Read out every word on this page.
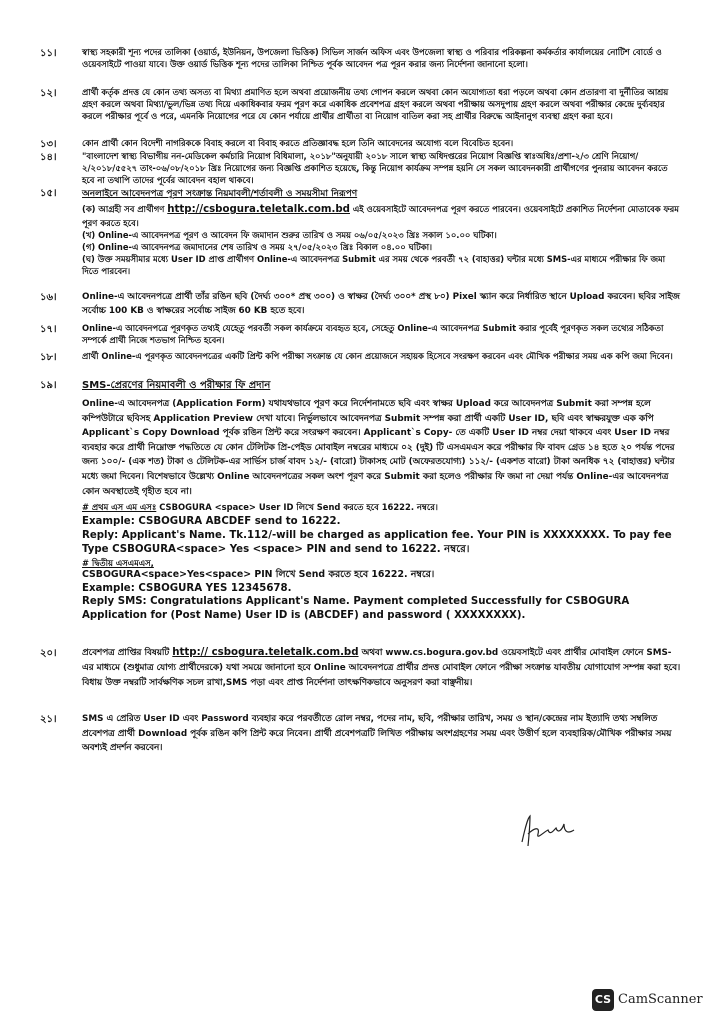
১১।	স্বাস্থ্য সহকারী শূন্য পদের তালিকা (ওয়ার্ড, ইউনিয়ন, উপজেলা ভিত্তিক) সিভিল সার্জন অফিস এবং উপজেলা স্বাস্থ্য ও পরিবার পরিকল্পনা কর্মকর্তার কার্যালয়ের নোটিশ বোর্ডে ও ওয়েবসাইটে পাওয়া যাবে। উক্ত ওয়ার্ড ভিত্তিক শূন্য পদের তালিকা নিশ্চিত পূর্বক আবেদন পত্র পূরন করার জন্য নির্দেশনা জানানো হলো।
১২।	প্রার্থী কর্তৃক প্রদত্ত যে কোন তথ্য অসত্য বা মিথ্যা প্রমাণিত হলে অথবা প্রয়োজনীয় তথ্য গোপন করলে অথবা কোন অযোগ্যতা ধরা পড়লে অথবা কোন প্রতারণা বা দুর্নীতির আশ্রয় গ্রহণ করলে অথবা মিথ্যা/ভুল/ভিন্ন তথ্য দিয়ে একাধিকবার ফরম পূরণ করে একাধিক প্রবেশপত্র গ্রহণ করলে অথবা পরীক্ষায় অসদুপায় গ্রহণ করলে অথবা পরীক্ষার কেন্দ্রে দুর্ব্যবহার করলে পরীক্ষার পূর্বে ও পরে, এমনকি নিয়োগের পরে যে কোন পর্যায়ে প্রার্থীর প্রার্থীতা বা নিয়োগ বাতিল করা সহ প্রার্থীর বিরুদ্ধে আইনানুগ ব্যবস্থা গ্রহণ করা হবে।
১৩।	কোন প্রার্থী কোন বিদেশী নাগরিককে বিবাহ করলে বা বিবাহ করতে প্রতিজ্ঞাবদ্ধ হলে তিনি আবেদনের অযোগ্য বলে বিবেচিত হবেন।
১৪।	"বাংলাদেশ স্বাস্থ্য বিভাগীয় নন-মেডিকেল কর্মচারি নিয়োগ বিধিমালা, ২০১৮"অনুযায়ী ২০১৮ সালে স্বাস্থ্য অধিদপ্তরের নিয়োগ বিজ্ঞপ্তি স্বাঃঅধিঃ/প্রশা-২/৩ শ্রেণি নিয়োগ/২/২০১৮/৫৫২৭ তাং-০৬/০৮/২০১৮ খ্রিঃ নিয়োগের জন্য বিজ্ঞপ্তি প্রকাশিত হয়েছে, কিন্তু নিয়োগ কার্যক্রম সম্পন্ন হয়নি সে সকল আবেদনকারী প্রার্থীগণের পুনরায় আবেদন করতে হবে না তথাপি তাদের পূর্বের আবেদন বহাল থাকবে।
১৫।	অনলাইনে আবেদনপত্র পূরণ সংক্রান্ত নিয়মাবলী/শর্তাবলী ও সময়সীমা নিরূপণ
(ক) আগ্রহী সব প্রার্থীগণ http://csbogura.teletalk.com.bd এই ওয়েবসাইটে আবেদনপত্র পূরণ করতে পারবেন। ওয়েবসাইটে প্রকাশিত নির্দেশনা মোতাবেক ফরম পূরণ করতে হবে।
(খ) Online-এ আবেদনপত্র পূরণ ও আবেদন ফি জমাদান শুরুর তারিখ ও সময় ০৬/০৫/২০২৩ খ্রিঃ সকাল ১০.০০ ঘটিকা।
(গ) Online-এ আবেদনপত্র জমাদানের শেষ তারিখ ও সময় ২৭/০৫/২০২৩ খ্রিঃ বিকাল ০৪.০০ ঘটিকা।
(ঘ) উক্ত সময়সীমার মধ্যে User ID প্রাপ্ত প্রার্থীগণ Online-এ আবেদনপত্র Submit এর সময় থেকে পরবর্তী ৭২ (বাহাত্তর) ঘন্টার মধ্যে SMS-এর মাধ্যমে পরীক্ষার ফি জমা দিতে পারবেন।
১৬।	Online-এ আবেদনপত্রে প্রার্থী তাঁর রঙিন ছবি (দৈর্ঘ্য ৩০০* প্রস্থ ৩০০) ও স্বাক্ষর (দৈর্ঘ্য ৩০০* প্রস্থ ৮০) Pixel স্ক্যান করে নির্ধারিত স্থানে Upload করবেন। ছবির সাইজ সর্বোচ্চ 100 KB ও স্বাক্ষরের সর্বোচ্চ সাইজ 60 KB হতে হবে।
১৭।	Online-এ আবেদনপত্রে পূরণকৃত তথ্যই যেহেতু পরবর্তী সকল কার্যক্রমে ব্যবহৃত হবে, সেহেতু Online-এ আবেদনপত্র Submit করার পূর্বেই পূরণকৃত সকল তথ্যের সঠিকতা সম্পর্কে প্রার্থী নিজে শতভাগ নিশ্চিত হবেন।
১৮।	প্রার্থী Online-এ পূরণকৃত আবেদনপত্রের একটি প্রিন্ট কপি পরীক্ষা সংক্রান্ত যে কোন প্রয়োজনে সহায়ক হিসেবে সংরক্ষণ করবেন এবং মৌখিক পরীক্ষার সময় এক কপি জমা দিবেন।
১৯।	SMS-প্রেরণের নিয়মাবলী ও পরীক্ষার ফি প্রদান
Online-এ আবেদনপত্র (Application Form) যথাযথভাবে পূরণ করে নির্দেশনামতে ছবি এবং স্বাক্ষর Upload করে আবেদনপত্র Submit করা সম্পন্ন হলে কম্পিউটারে ছবিসহ Application Preview দেখা যাবে। নির্ভুলভাবে আবেদনপত্র Submit সম্পন্ন করা প্রার্থী একটি User ID, ছবি এবং স্বাক্ষরযুক্ত এক কপি Applicant`s Copy Download পূর্বক রঙিন প্রিন্ট করে সংরক্ষণ করবেন। Applicant`s Copy- তে একটি User ID নম্বর দেয়া থাকবে এবং User ID নম্বর ব্যবহার করে প্রার্থী নিম্নোক্ত পদ্ধতিতে যে কোন টেলিটক প্রি-পেইড মোবাইল নম্বরের মাধ্যমে ০২ (দুই) টি এসএমএস করে পরীক্ষার ফি বাবদ গ্রেড ১৪ হতে ২০ পর্যন্ত পদের জন্য ১০০/- (এক শত) টাকা ও টেলিটক-এর সার্ভিস চার্জ বাবদ ১২/- (বারো) টাকাসহ মোট (অফেরতযোগ্য) ১১২/- (একশত বারো) টাকা অনধিক ৭২ (বাহাত্তর) ঘন্টার মধ্যে জমা দিবেন। বিশেষভাবে উল্লেখ্য Online আবেদনপত্রের সকল অংশ পূরণ করে Submit করা হলেও পরীক্ষার ফি জমা না দেয়া পর্যন্ত Online-এর আবেদনপত্র কোন অবস্থাতেই গৃহীত হবে না।
# প্রথম এস এম এসঃ CSBOGURA <space> User ID লিখে Send করতে হবে 16222. নম্বরে।
Example: CSBOGURA ABCDEF send to 16222.
Reply: Applicant's Name. Tk.112/-will be charged as application fee. Your PIN is XXXXXXXX. To pay fee Type CSBOGURA<space> Yes <space> PIN and send to 16222. নম্বরে।
# দ্বিতীয় এসএমএস,
CSBOGURA<space>Yes<space> PIN লিখে Send করতে হবে 16222. নম্বরে।
Example: CSBOGURA YES 12345678.
Reply SMS: Congratulations Applicant's Name. Payment completed Successfully for CSBOGURA Application for (Post Name) User ID is (ABCDEF) and password ( XXXXXXXX).
২০।	প্রবেশপত্র প্রাপ্তির বিষয়টি http:// csbogura.teletalk.com.bd অথবা www.cs.bogura.gov.bd ওয়েবসাইটে এবং প্রার্থীর মোবাইল ফোনে SMS-এর মাধ্যমে (শুধুমাত্র যোগ্য প্রার্থীদেরকে) যথা সময়ে জানানো হবে Online আবেদনপত্রে প্রার্থীর প্রদত্ত মোবাইল ফোনে পরীক্ষা সংক্রান্ত যাবতীয় যোগাযোগ সম্পন্ন করা হবে। বিধায় উক্ত নম্বরটি সার্বক্ষণিক সচল রাখা,SMS পড়া এবং প্রাপ্ত নির্দেশনা তাৎক্ষণিকভাবে অনুসরণ করা বাঞ্ছনীয়।
২১।	SMS এ প্রেরিত User ID এবং Password ব্যবহার করে পরবর্তীতে রোল নম্বর, পদের নাম, ছবি, পরীক্ষার তারিখ, সময় ও স্থান/কেন্দ্রের নাম ইত্যাদি তথ্য সম্বলিত প্রবেশপত্র প্রার্থী Download পূর্বক রঙিন কপি প্রিন্ট করে নিবেন। প্রার্থী প্রবেশপত্রটি লিখিত পরীক্ষায় অংশগ্রহণের সময় এবং উত্তীর্ণ হলে ব্যবহারিক/মৌখিক পরীক্ষার সময় অবশ্যই প্রদর্শন করবেন।
CS CamScanner
